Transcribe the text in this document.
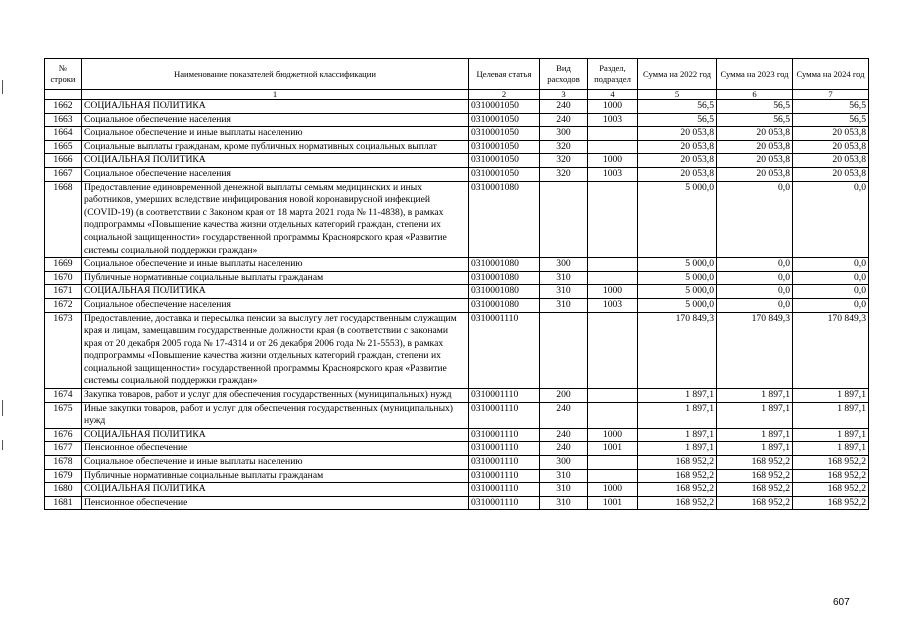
№ строки	Наименование показателей бюджетной классификации	Целевая статья	Вид расходов	Раздел, подраздел	Сумма на 2022 год	Сумма на 2023 год	Сумма на 2024 год
	1	2	3	4	5	6	7
1662	СОЦИАЛЬНАЯ ПОЛИТИКА	0310001050	240	1000	56,5	56,5	56,5
1663	Социальное обеспечение населения	0310001050	240	1003	56,5	56,5	56,5
1664	Социальное обеспечение и иные выплаты населению	0310001050	300		20 053,8	20 053,8	20 053,8
1665	Социальные выплаты гражданам, кроме публичных нормативных социальных выплат	0310001050	320		20 053,8	20 053,8	20 053,8
1666	СОЦИАЛЬНАЯ ПОЛИТИКА	0310001050	320	1000	20 053,8	20 053,8	20 053,8
1667	Социальное обеспечение населения	0310001050	320	1003	20 053,8	20 053,8	20 053,8
1668	Предоставление единовременной денежной выплаты семьям медицинских и иных работников, умерших вследствие инфицирования новой коронавирусной инфекцией (COVID-19) (в соответствии с Законом края от 18 марта 2021 года № 11-4838), в рамках подпрограммы «Повышение качества жизни отдельных категорий граждан, степени их социальной защищенности» государственной программы Красноярского края «Развитие системы социальной поддержки граждан»	0310001080			5 000,0	0,0	0,0
1669	Социальное обеспечение и иные выплаты населению	0310001080	300		5 000,0	0,0	0,0
1670	Публичные нормативные социальные выплаты гражданам	0310001080	310		5 000,0	0,0	0,0
1671	СОЦИАЛЬНАЯ ПОЛИТИКА	0310001080	310	1000	5 000,0	0,0	0,0
1672	Социальное обеспечение населения	0310001080	310	1003	5 000,0	0,0	0,0
1673	Предоставление, доставка и пересылка пенсии за выслугу лет государственным служащим края и лицам, замещавшим государственные должности края (в соответствии с законами края от 20 декабря 2005 года № 17-4314 и от 26 декабря 2006 года № 21-5553), в рамках подпрограммы «Повышение качества жизни отдельных категорий граждан, степени их социальной защищенности» государственной программы Красноярского края «Развитие системы социальной поддержки граждан»	0310001110			170 849,3	170 849,3	170 849,3
1674	Закупка товаров, работ и услуг для обеспечения государственных (муниципальных) нужд	0310001110	200		1 897,1	1 897,1	1 897,1
1675	Иные закупки товаров, работ и услуг для обеспечения государственных (муниципальных) нужд	0310001110	240		1 897,1	1 897,1	1 897,1
1676	СОЦИАЛЬНАЯ ПОЛИТИКА	0310001110	240	1000	1 897,1	1 897,1	1 897,1
1677	Пенсионное обеспечение	0310001110	240	1001	1 897,1	1 897,1	1 897,1
1678	Социальное обеспечение и иные выплаты населению	0310001110	300		168 952,2	168 952,2	168 952,2
1679	Публичные нормативные социальные выплаты гражданам	0310001110	310		168 952,2	168 952,2	168 952,2
1680	СОЦИАЛЬНАЯ ПОЛИТИКА	0310001110	310	1000	168 952,2	168 952,2	168 952,2
1681	Пенсионное обеспечение	0310001110	310	1001	168 952,2	168 952,2	168 952,2
607
